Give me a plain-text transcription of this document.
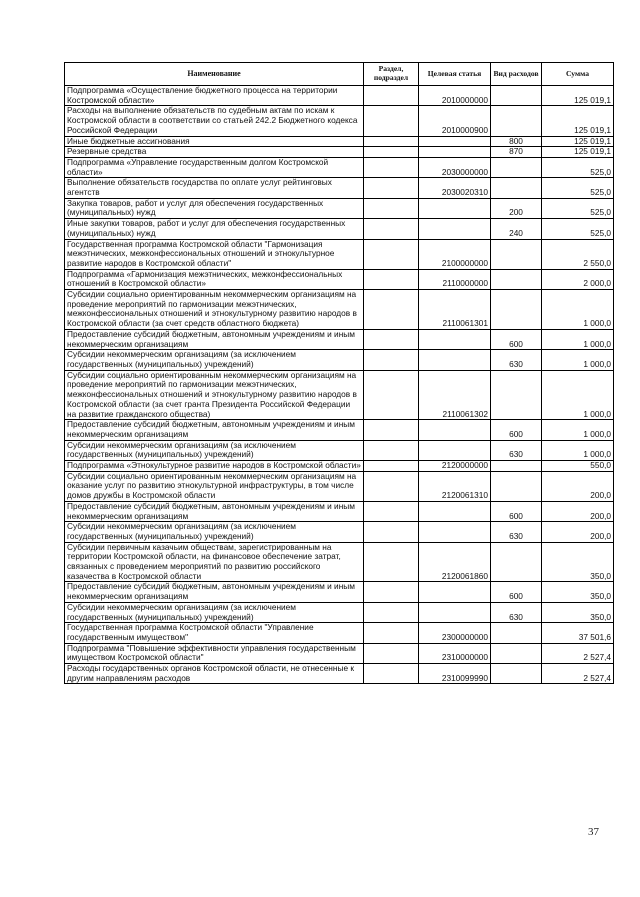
Наименование	Раздел, подраздел	Целевая статья	Вид расходов	Сумма
Подпрограмма «Осуществление бюджетного процесса на территории Костромской области»		2010000000		125 019,1
Расходы на выполнение обязательств по судебным актам по искам к Костромской области в соответствии со статьей 242.2 Бюджетного кодекса Российской Федерации		2010000900		125 019,1
Иные бюджетные ассигнования			800	125 019,1
Резервные средства			870	125 019,1
Подпрограмма «Управление государственным долгом Костромской области»		2030000000		525,0
Выполнение обязательств государства по оплате услуг рейтинговых агентств		2030020310		525,0
Закупка товаров, работ и услуг для обеспечения государственных (муниципальных) нужд			200	525,0
Иные закупки товаров, работ и услуг для обеспечения государственных (муниципальных) нужд			240	525,0
Государственная программа Костромской области "Гармонизация межэтнических, межконфессиональных отношений и этнокультурное развитие народов в Костромской области"		2100000000		2 550,0
Подпрограмма «Гармонизация межэтнических, межконфессиональных отношений в Костромской области»		2110000000		2 000,0
Субсидии социально ориентированным некоммерческим организациям на проведение мероприятий по гармонизации межэтнических, межконфессиональных отношений и этнокультурному развитию народов в Костромской области (за счет средств областного бюджета)		2110061301		1 000,0
Предоставление субсидий бюджетным, автономным учреждениям и иным некоммерческим организациям			600	1 000,0
Субсидии некоммерческим организациям (за исключением государственных (муниципальных) учреждений)			630	1 000,0
Субсидии социально ориентированным некоммерческим организациям на проведение мероприятий по гармонизации межэтнических, межконфессиональных отношений и этнокультурному развитию народов в Костромской области (за счет гранта Президента Российской Федерации на развитие гражданского общества)		2110061302		1 000,0
Предоставление субсидий бюджетным, автономным учреждениям и иным некоммерческим организациям			600	1 000,0
Субсидии некоммерческим организациям (за исключением государственных (муниципальных) учреждений)			630	1 000,0
Подпрограмма «Этнокультурное развитие народов в Костромской области»		2120000000		550,0
Субсидии социально ориентированным некоммерческим организациям на оказание услуг по развитию этнокультурной инфраструктуры, в том числе домов дружбы в Костромской области		2120061310		200,0
Предоставление субсидий бюджетным, автономным учреждениям и иным некоммерческим организациям			600	200,0
Субсидии некоммерческим организациям (за исключением государственных (муниципальных) учреждений)			630	200,0
Субсидии первичным казачьим обществам, зарегистрированным на территории Костромской области, на финансовое обеспечение затрат, связанных с проведением мероприятий по развитию российского казачества в Костромской области		2120061860		350,0
Предоставление субсидий бюджетным, автономным учреждениям и иным некоммерческим организациям			600	350,0
Субсидии некоммерческим организациям (за исключением государственных (муниципальных) учреждений)			630	350,0
Государственная программа Костромской области "Управление государственным имуществом"		2300000000		37 501,6
Подпрограмма "Повышение эффективности управления государственным имуществом Костромской области"		2310000000		2 527,4
Расходы государственных органов Костромской области, не отнесенные к другим направлениям расходов		2310099990		2 527,4
37
